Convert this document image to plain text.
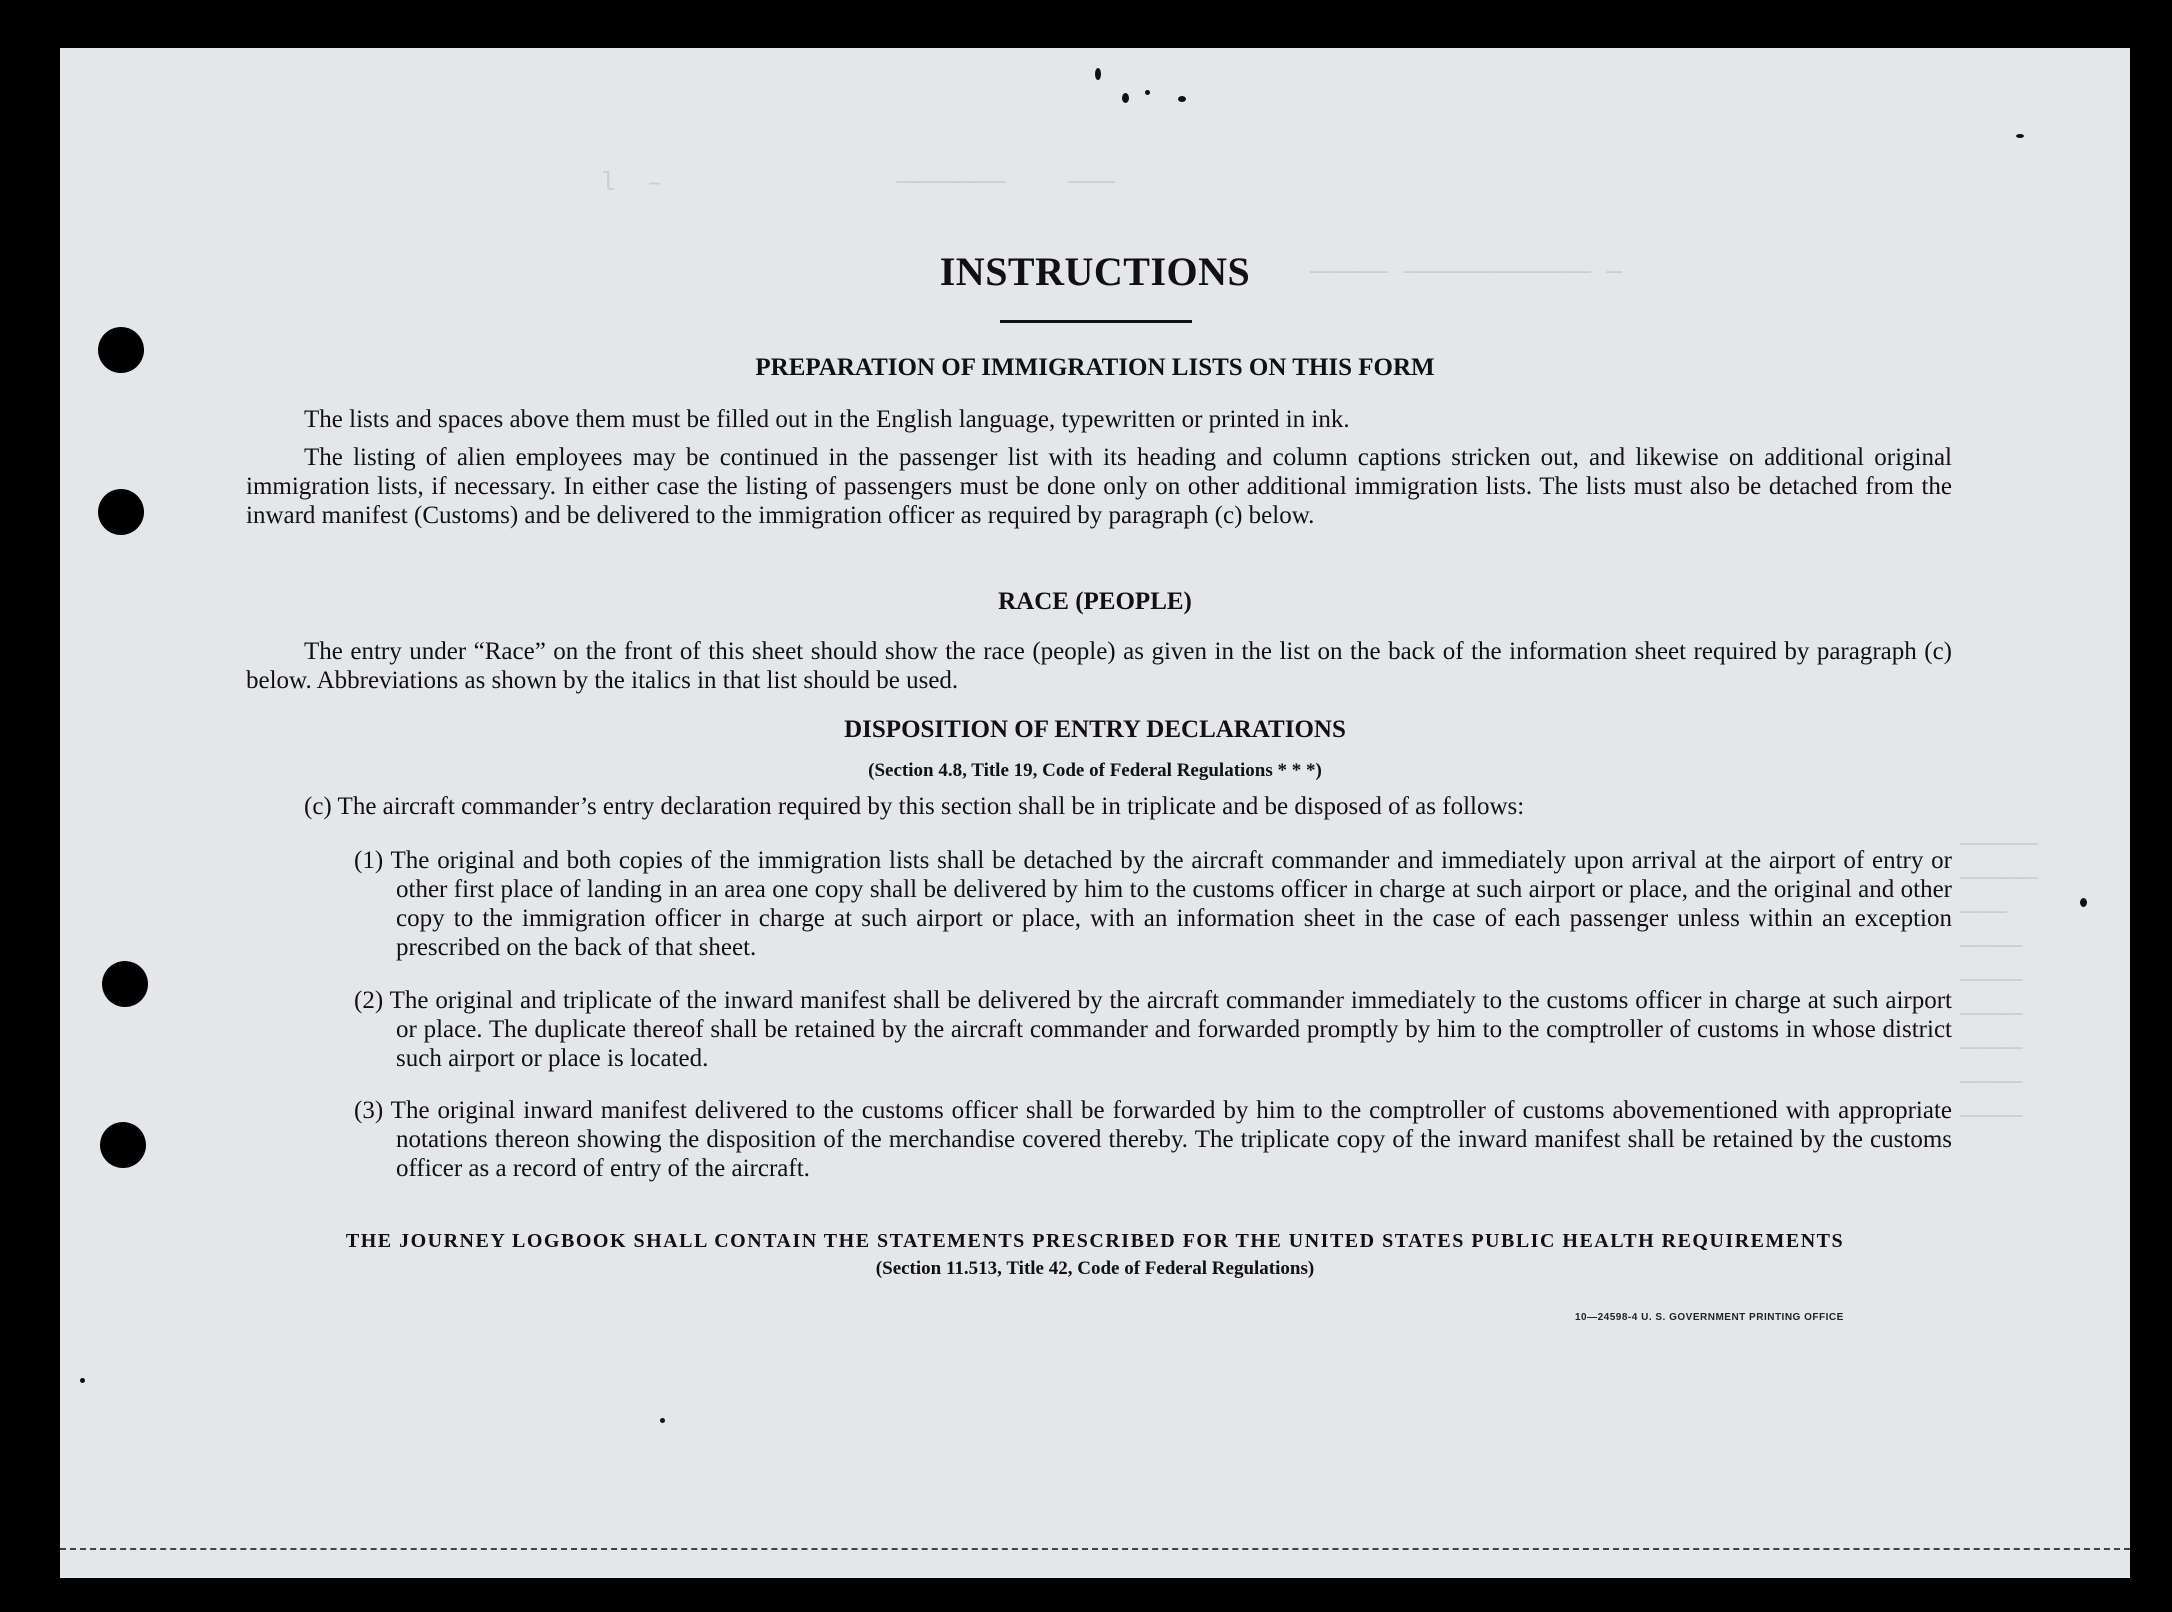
l  –               ───────    ───
───── ──────────── ─
─────
─────
───
────
────
────
────
────
────
INSTRUCTIONS
PREPARATION OF IMMIGRATION LISTS ON THIS FORM
The lists and spaces above them must be filled out in the English language, typewritten or printed in ink.
The listing of alien employees may be continued in the passenger list with its heading and column captions stricken out, and likewise on additional original immigration lists, if necessary. In either case the listing of passengers must be done only on other additional immigration lists. The lists must also be detached from the inward manifest (Customs) and be delivered to the immigration officer as required by paragraph (c) below.
RACE (PEOPLE)
The entry under “Race” on the front of this sheet should show the race (people) as given in the list on the back of the information sheet required by paragraph (c) below. Abbreviations as shown by the italics in that list should be used.
DISPOSITION OF ENTRY DECLARATIONS
(Section 4.8, Title 19, Code of Federal Regulations * * *)
(c) The aircraft commander’s entry declaration required by this section shall be in triplicate and be disposed of as follows:
(1) The original and both copies of the immigration lists shall be detached by the aircraft commander and immediately upon arrival at the airport of entry or other first place of landing in an area one copy shall be delivered by him to the customs officer in charge at such airport or place, and the original and other copy to the immigration officer in charge at such airport or place, with an information sheet in the case of each passenger unless within an exception prescribed on the back of that sheet.
(2) The original and triplicate of the inward manifest shall be delivered by the aircraft commander immediately to the customs officer in charge at such airport or place. The duplicate thereof shall be retained by the aircraft commander and forwarded promptly by him to the comptroller of customs in whose district such airport or place is located.
(3) The original inward manifest delivered to the customs officer shall be forwarded by him to the comptroller of customs abovementioned with appropriate notations thereon showing the disposition of the merchandise covered thereby. The triplicate copy of the inward manifest shall be retained by the customs officer as a record of entry of the aircraft.
THE JOURNEY LOGBOOK SHALL CONTAIN THE STATEMENTS PRESCRIBED FOR THE UNITED STATES PUBLIC HEALTH REQUIREMENTS
(Section 11.513, Title 42, Code of Federal Regulations)
10—24598-4 U. S. GOVERNMENT PRINTING OFFICE
